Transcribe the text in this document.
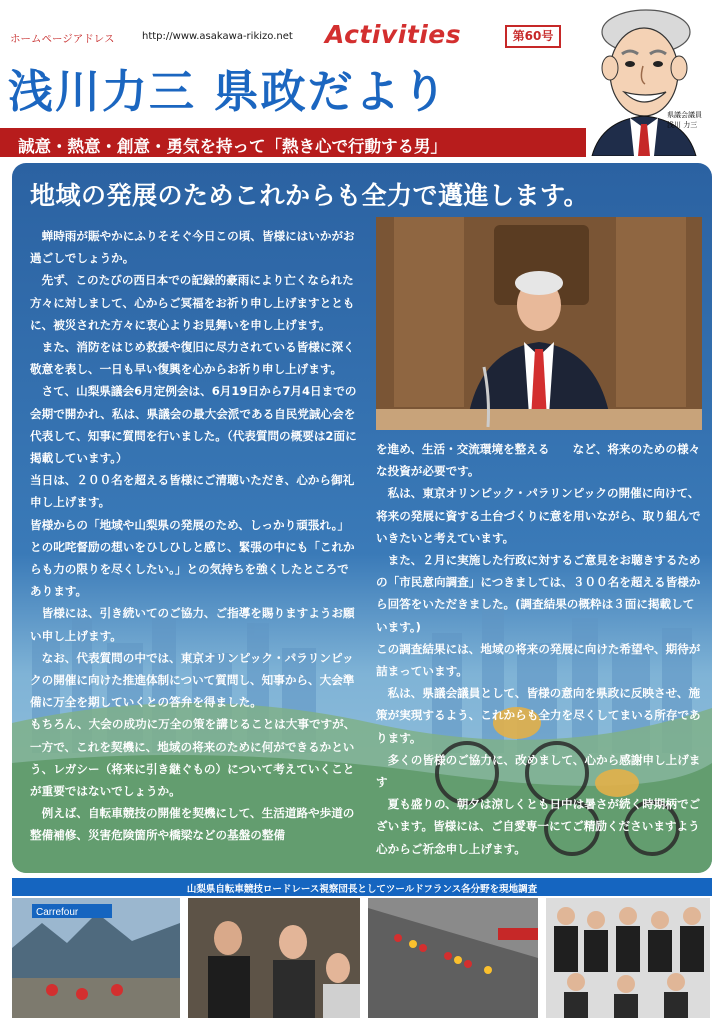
ホームページアドレス	http://www.asakawa-rikizo.net Activities	第60号
浅川力三 県政だより
誠意・熱意・創意・勇気を持って「熱き心で行動する男」
県議会議員
浅川 力三
地域の発展のためこれからも全力で邁進します。

蝉時雨が賑やかにふりそそぐ今日この頃、皆様にはいかがお過ごしでしょうか。

先ず、このたびの西日本での記録的豪雨により亡くなられた方々に対しまして、心からご冥福をお祈り申し上げますとともに、被災された方々に衷心よりお見舞いを申し上げます。

また、消防をはじめ救援や復旧に尽力されている皆様に深く敬意を表し、一日も早い復興を心からお祈り申し上げます。

さて、山梨県議会6月定例会は、6月19日から7月4日までの会期で開かれ、私は、県議会の最大会派である自民党誠心会を代表して、知事に質問を行いました。（代表質問の概要は2面に掲載しています。）

当日は、２００名を超える皆様にご清聴いただき、心から御礼申し上げます。

皆様からの「地域や山梨県の発展のため、しっかり頑張れ。」との叱咤督励の想いをひしひしと感じ、緊張の中にも「これからも力の限りを尽くしたい。」との気持ちを強くしたところであります。

皆様には、引き続いてのご協力、ご指導を賜りますようお願い申し上げます。

なお、代表質問の中では、東京オリンピック・パラリンピックの開催に向けた推進体制について質問し、知事から、大会準備に万全を期していくとの答弁を得ました。

もちろん、大会の成功に万全の策を講じることは大事ですが、一方で、これを契機に、地域の将来のために何ができるかという、レガシー（将来に引き継ぐもの）について考えていくことが重要ではないでしょうか。

例えば、自転車競技の開催を契機にして、生活道路や歩道の整備補修、災害危険箇所や橋梁などの基盤の整備

を進め、生活・交流環境を整える　　など、将来のための様々な投資が必要です。

私は、東京オリンピック・パラリンピックの開催に向けて、将来の発展に資する土台づくりに意を用いながら、取り組んでいきたいと考えています。

また、２月に実施した行政に対するご意見をお聴きするための「市民意向調査」につきましては、３００名を超える皆様から回答をいただきました。(調査結果の概粋は３面に掲載しています。)

この調査結果には、地域の将来の発展に向けた希望や、期待が詰まっています。

私は、県議会議員として、皆様の意向を県政に反映させ、施策が実現するよう、これからも全力を尽くしてまいる所存であります。

多くの皆様のご協力に、改めまして、心から感謝申し上げます

夏も盛りの、朝夕は涼しくとも日中は暑さが続く時期柄でございます。皆様には、ご自愛専一にてご精励くださいますよう心からご祈念申し上げます。

山梨県自転車競技ロードレース視察団長としてツールドフランス各分野を現地調査
Carrefour
